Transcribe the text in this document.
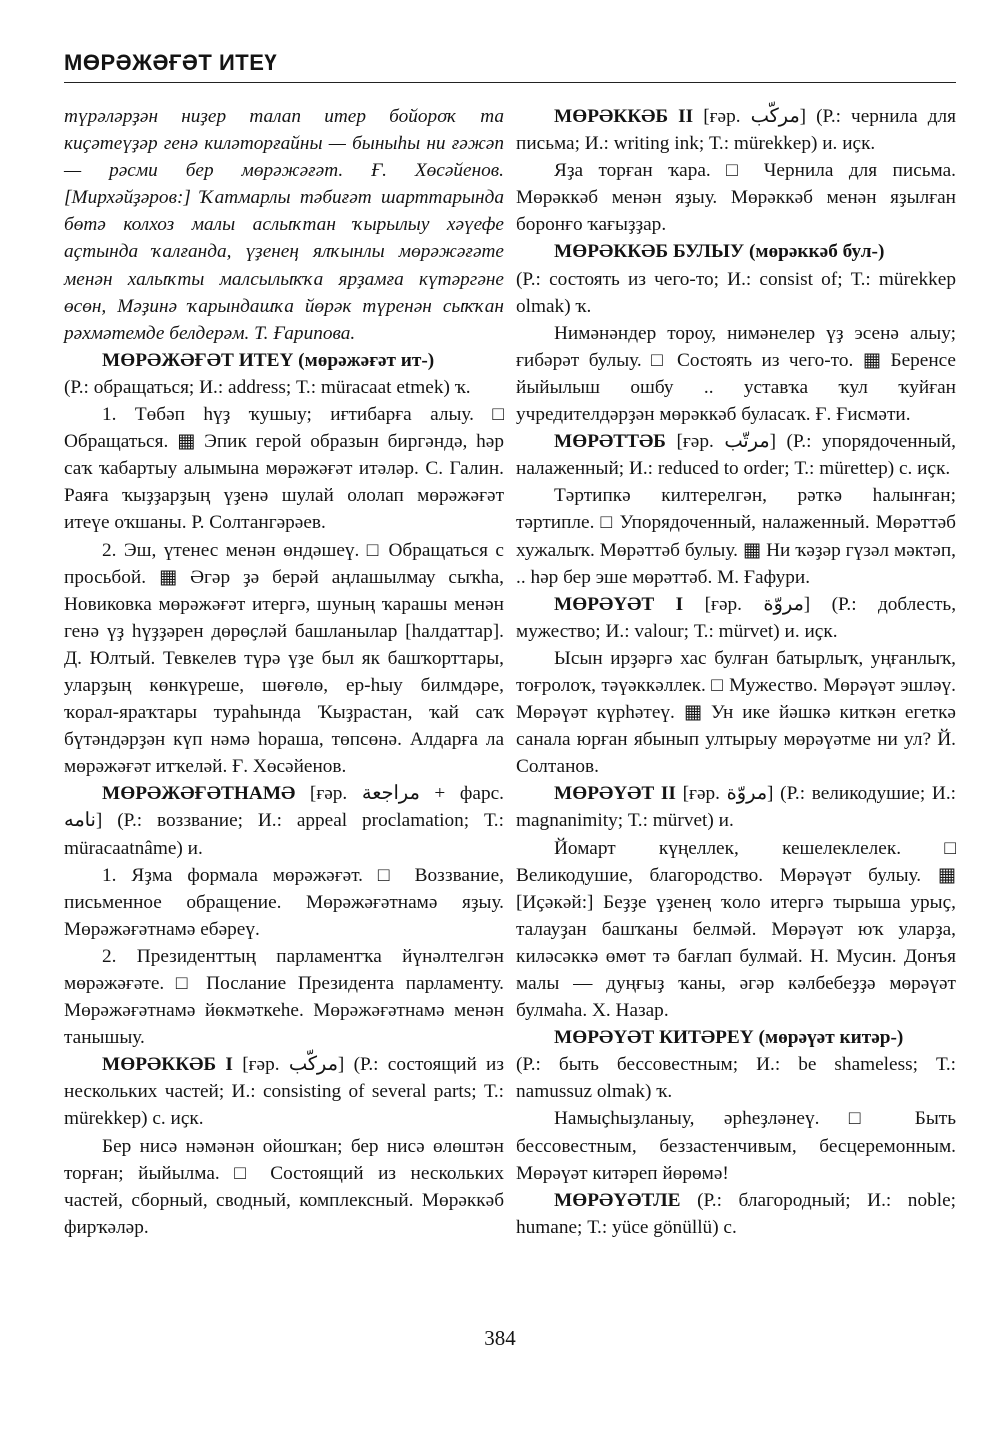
МӨРӘЖӘҒӘТ ИТЕҮ

түрәләрҙән ниҙер талап итер бойороҡ та киҫәтеүҙәр генә киләторғайны — быныһы ни ғәжәп — рәсми бер мөрәжәғәт. Ғ. Хөсәйенов. [Мирхәйҙәров:] Ҡатмарлы тәбиғәт шарттарында бөтә колхоз малы аслыҡтан ҡырылыу хәүефе аҫтында ҡалғанда, үҙенең ялҡынлы мөрәжәғәте менән халыҡты малсылыҡҡа ярҙамға күтәргәне өсөн, Мәҙинә ҡарындашҡа йөрәк түренән сыҡҡан рәхмәтемде белдерәм. Т. Ғарипова.

МӨРӘЖӘҒӘТ ИТЕҮ (мөрәжәғәт ит-)

(Р.: обращаться; И.: address; Т.: müracaat etmek) ҡ.

1. Төбәп һүҙ ҡушыу; иғтибарға алыу. □ Обращаться. ▦ Эпик герой образын биргәндә, һәр саҡ ҡабартыу алымына мөрәжәғәт итәләр. С. Галин. Раяға ҡыҙҙарҙың үҙенә шулай ололап мөрәжәғәт итеүе оҡшаны. Р. Солтангәрәев.

2. Эш, үтенес менән өндәшеү. □ Обращаться с просьбой. ▦ Әгәр ҙә берәй аңлашылмау сыҡһа, Новиковка мөрәжәғәт итергә, шуның ҡарашы менән генә үҙ һүҙҙәрен дөрөҫләй башланылар [һалдаттар]. Д. Юлтый. Тевкелев түрә үҙе был як башҡорттары, уларҙың көнкүреше, шөғөлө, ер-һыу билмдәре, ҡорал-яраҡтары тураһында Ҡыҙрастан, ҡай саҡ бүтәндәрҙән күп нәмә һораша, төпсөнә. Алдарға ла мөрәжәғәт итҡеләй. Ғ. Хөсәйенов.

МӨРӘЖӘҒӘТНАМӘ [ғәр. مراجعة + фарс. نامه] (Р.: воззвание; И.: appeal proclamation; Т.: müracaatnâme) и.

1. Яҙма формала мөрәжәғәт. □ Воззвание, письменное обращение. Мөрәжәғәтнамә яҙыу. Мөрәжәғәтнамә ебәреү.

2. Президенттың парламентҡа йүнәлтелгән мөрәжәғәте. □ Послание Президента парламенту. Мөрәжәғәтнамә йөкмәткеһе. Мөрәжәғәтнамә менән танышыу.

МӨРӘККӘБ I [ғәр. مركّب] (Р.: состоящий из нескольких частей; И.: consisting of several parts; Т.: mürekkep) с. иҫк.

Бер нисә нәмәнән ойошҡан; бер нисә өлөштән торған; йыйылма. □ Состоящий из нескольких частей, сборный, сводный, комплексный. Мөрәккәб фирҡәләр.

МӨРӘККӘБ II [ғәр. مركّب] (Р.: чернила для письма; И.: writing ink; Т.: mürekkep) и. иҫк.

Яҙа торған ҡара. □ Чернила для письма. Мөрәккәб менән яҙыу. Мөрәккәб менән яҙылған боронғо ҡағыҙҙар.

МӨРӘККӘБ БУЛЫУ (мөрәккәб бул-)

(Р.: состоять из чего-то; И.: consist of; Т.: mürekkep olmak) ҡ.

Нимәнәндер тороу, нимәнелер үҙ эсенә алыу; ғибәрәт булыу. □ Состоять из чего-то. ▦ Беренсе йыйылыш ошбу .. уставҡа ҡул ҡуйған учредителдәрҙән мөрәккәб буласаҡ. Ғ. Ғисмәти.

МӨРӘТТӘБ [ғәр. مرتّب] (Р.: упорядоченный, налаженный; И.: reduced to order; Т.: mürettep) с. иҫк.

Тәртипкә килтерелгән, рәткә һалынған; тәртипле. □ Упорядоченный, налаженный. Мөрәттәб хужалыҡ. Мөрәттәб булыу. ▦ Ни ҡәҙәр гүзәл мәктәп, .. һәр бер эше мөрәттәб. М. Ғафури.

МӨРӘҮӘТ I [ғәр. مروّة] (Р.: доблесть, мужество; И.: valour; Т.: mürvet) и. иҫк.

Ысын ирҙәргә хас булған батырлыҡ, уңғанлыҡ, тоғролоҡ, тәүәккәллек. □ Мужество. Мөрәүәт эшләү. Мөрәүәт күрһәтеү. ▦ Ун ике йәшкә киткән егеткә санала юрған ябынып ултырыу мөрәүәтме ни ул? Й. Солтанов.

МӨРӘҮӘТ II [ғәр. مروّة] (Р.: великодушие; И.: magnanimity; Т.: mürvet) и.

Йомарт күңеллек, кешелеклелек. □ Великодушие, благородство. Мөрәүәт булыу. ▦ [Иҫәкәй:] Беҙҙе үҙенең ҡоло итергә тырыша урыҫ, талауҙан башҡаны белмәй. Мөрәүәт юҡ уларҙа, киләсәккә өмөт тә бағлап булмай. Н. Мусин. Донъя малы — дуңғыҙ ҡаны, әгәр кәлбебеҙҙә мөрәүәт булмаһа. Х. Назар.

МӨРӘҮӘТ КИТӘРЕҮ (мөрәүәт китәр-)

(Р.: быть бессовестным; И.: be shameless; Т.: namussuz olmak) ҡ.

Намыҫһыҙланыу, әрһеҙләнеү. □ Быть бессовестным, беззастенчивым, бесцеремонным. Мөрәүәт китәреп йөрөмә!

МӨРӘҮӘТЛЕ (Р.: благородный; И.: noble; humane; Т.: yüce gönüllü) с.

384
